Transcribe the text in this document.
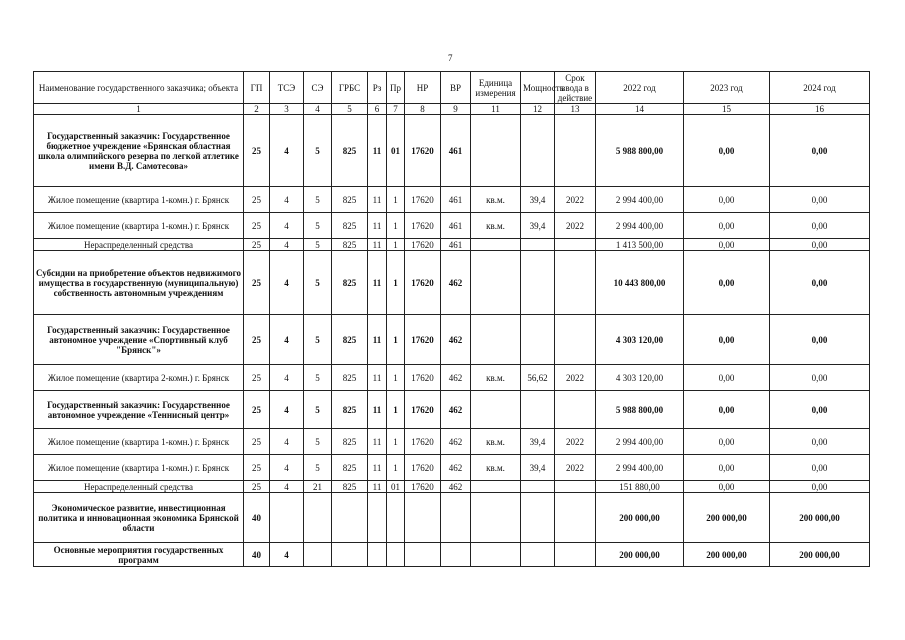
7
Наименование государственного заказчика; объекта	ГП	ТСЭ	СЭ	ГРБС	Рз	Пр	НР	ВР	Единица измерения	Мощность	Срок ввода в действие	2022 год	2023 год	2024 год
1	2	3	4	5	6	7	8	9	11	12	13	14	15	16
Государственный заказчик: Государственное бюджетное учреждение «Брянская областная школа олимпийского резерва по легкой атлетике имени В.Д. Самотесова»	25	4	5	825	11	01	17620	461				5 988 800,00	0,00	0,00
Жилое помещение (квартира 1-комн.) г. Брянск	25	4	5	825	11	1	17620	461	кв.м.	39,4	2022	2 994 400,00	0,00	0,00
Жилое помещение (квартира 1-комн.) г. Брянск	25	4	5	825	11	1	17620	461	кв.м.	39,4	2022	2 994 400,00	0,00	0,00
Нераспределенный средства	25	4	5	825	11	1	17620	461				1 413 500,00	0,00	0,00
Субсидии на приобретение объектов недвижимого имущества в государственную (муниципальную) собственность автономным учреждениям	25	4	5	825	11	1	17620	462				10 443 800,00	0,00	0,00
Государственный заказчик: Государственное автономное учреждение «Спортивный клуб "Брянск"»	25	4	5	825	11	1	17620	462				4 303 120,00	0,00	0,00
Жилое помещение (квартира 2-комн.) г. Брянск	25	4	5	825	11	1	17620	462	кв.м.	56,62	2022	4 303 120,00	0,00	0,00
Государственный заказчик: Государственное автономное учреждение «Теннисный центр»	25	4	5	825	11	1	17620	462				5 988 800,00	0,00	0,00
Жилое помещение (квартира 1-комн.) г. Брянск	25	4	5	825	11	1	17620	462	кв.м.	39,4	2022	2 994 400,00	0,00	0,00
Жилое помещение (квартира 1-комн.) г. Брянск	25	4	5	825	11	1	17620	462	кв.м.	39,4	2022	2 994 400,00	0,00	0,00
Нераспределенный средства	25	4	21	825	11	01	17620	462				151 880,00	0,00	0,00
Экономическое развитие, инвестиционная политика и инновационная экономика Брянской области	40											200 000,00	200 000,00	200 000,00
Основные мероприятия государственных программ	40	4										200 000,00	200 000,00	200 000,00
